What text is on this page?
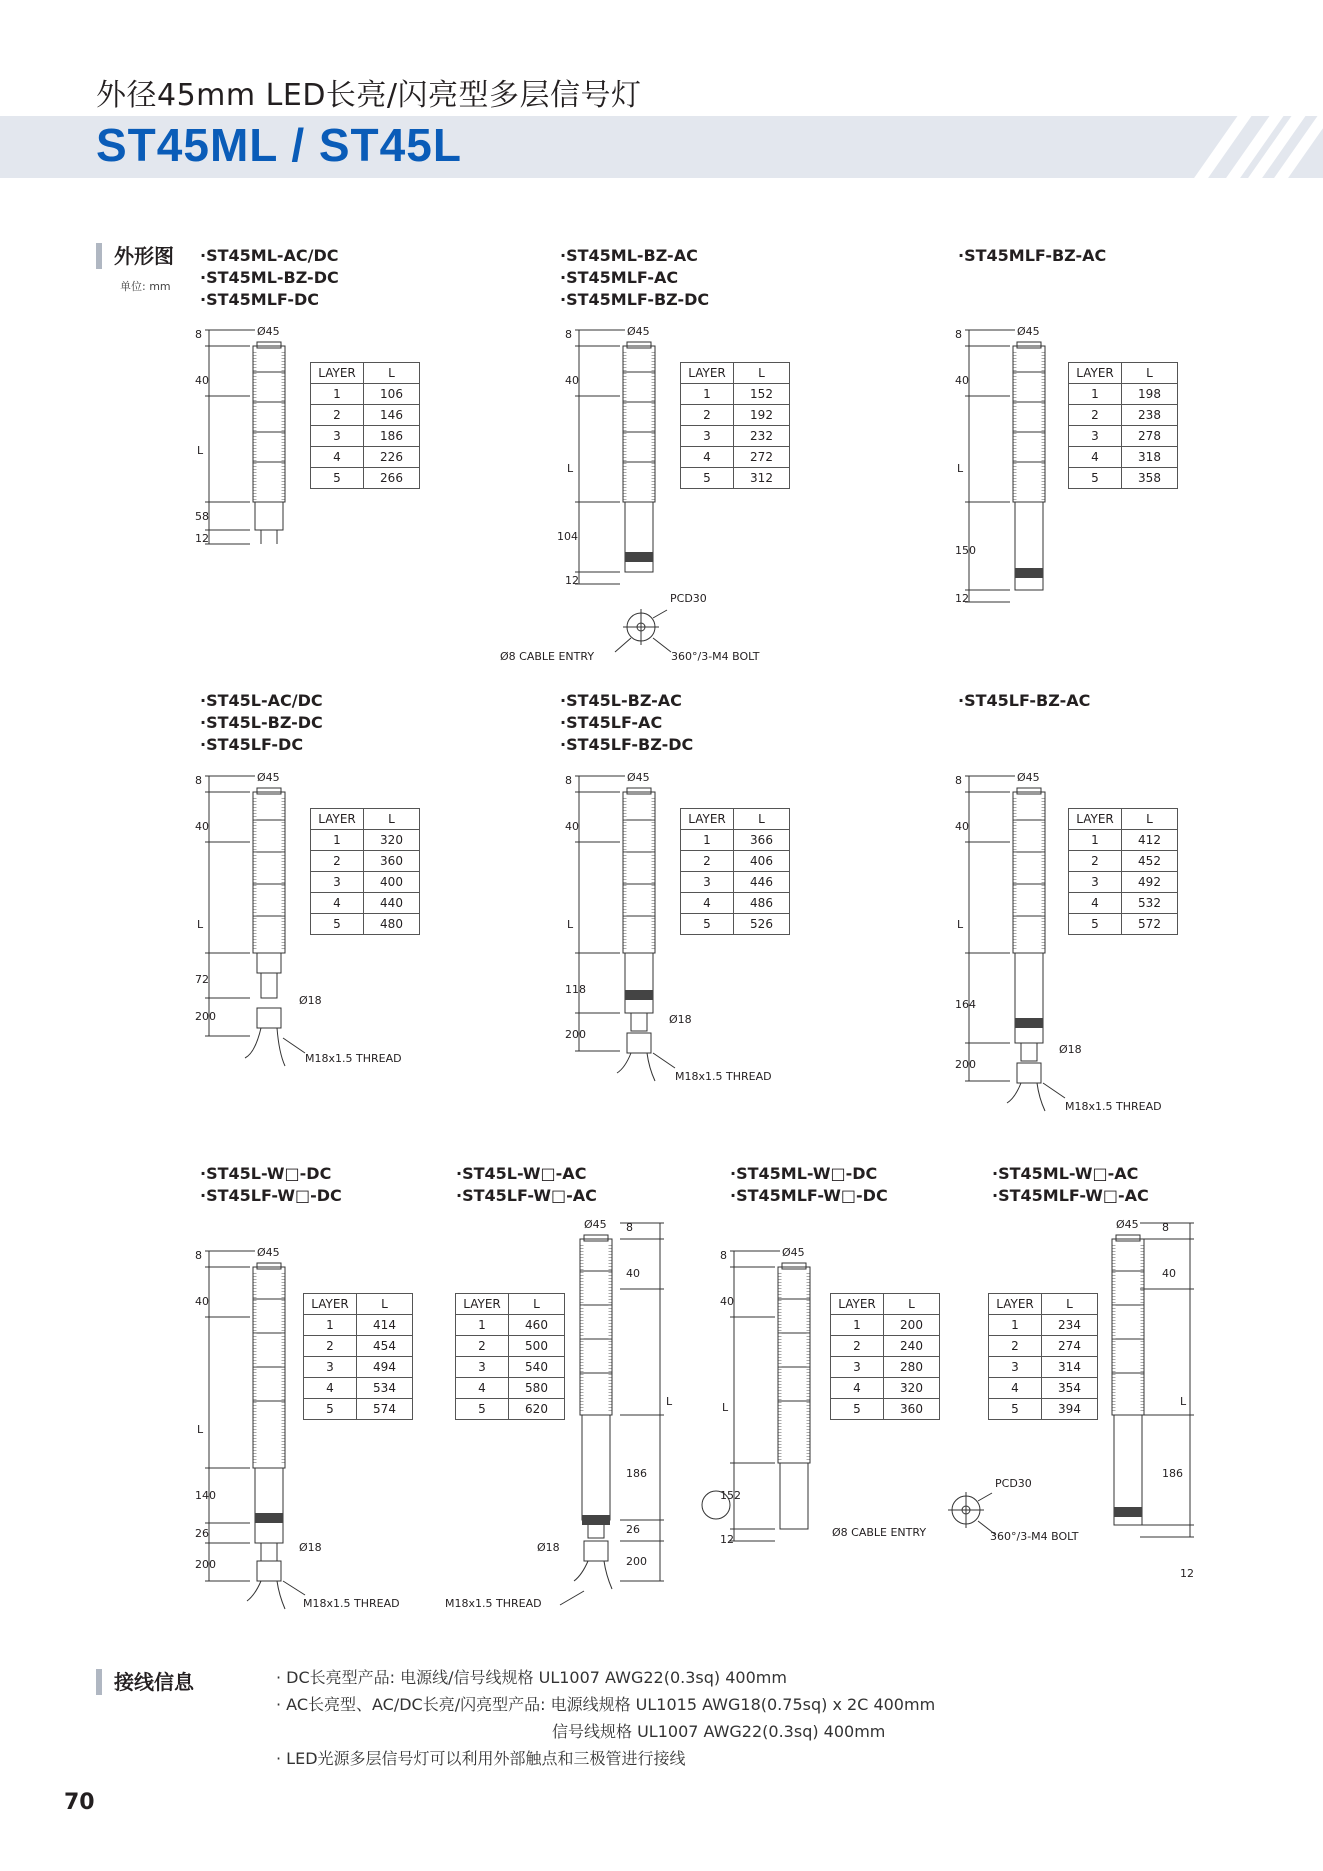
外径45mm LED长亮/闪亮型多层信号灯
ST45ML / ST45L
外形图
单位: mm
·ST45ML-AC/DC
·ST45ML-BZ-DC
·ST45MLF-DC
·ST45ML-BZ-AC
·ST45MLF-AC
·ST45MLF-BZ-DC
·ST45MLF-BZ-AC
·ST45L-AC/DC
·ST45L-BZ-DC
·ST45LF-DC
·ST45L-BZ-AC
·ST45LF-AC
·ST45LF-BZ-DC
·ST45LF-BZ-AC
·ST45L-W□-DC
·ST45LF-W□-DC
·ST45L-W□-AC
·ST45LF-W□-AC
·ST45ML-W□-DC
·ST45MLF-W□-DC
·ST45ML-W□-AC
·ST45MLF-W□-AC
Ø45
8
40
L
58
12
LAYER	L
1	106
2	146
3	186
4	226
5	266
Ø45
8
40
L
104
12
PCD30
Ø8 CABLE ENTRY	360°/3-M4 BOLT
LAYER	L
1	152
2	192
3	232
4	272
5	312
Ø45
8
40
L
150
12
LAYER	L
1	198
2	238
3	278
4	318
5	358
Ø45
8
40
L
72
200
Ø18
M18x1.5 THREAD
LAYER	L
1	320
2	360
3	400
4	440
5	480
Ø45
8
40
L
118
200
Ø18
M18x1.5 THREAD
LAYER	L
1	366
2	406
3	446
4	486
5	526
Ø45
8
40
L
164
200
Ø18
M18x1.5 THREAD
LAYER	L
1	412
2	452
3	492
4	532
5	572
Ø45
8
40
L
140
26
200
Ø18
M18x1.5 THREAD
LAYER	L
1	414
2	454
3	494
4	534
5	574
LAYER	L
1	460
2	500
3	540
4	580
5	620
Ø45 8
40
L
186
26
200
Ø18
M18x1.5 THREAD
Ø45
8
40
L
152
12
Ø8 CABLE ENTRY
LAYER	L
1	200
2	240
3	280
4	320
5	360
LAYER	L
1	234
2	274
3	314
4	354
5	394
Ø45 8
40
L
186
12
PCD30
360°/3-M4 BOLT
接线信息	· DC长亮型产品: 电源线/信号线规格 UL1007 AWG22(0.3sq) 400mm
· AC长亮型、AC/DC长亮/闪亮型产品: 电源线规格 UL1015 AWG18(0.75sq) x 2C 400mm
信号线规格 UL1007 AWG22(0.3sq) 400mm
· LED光源多层信号灯可以利用外部触点和三极管进行接线
70
